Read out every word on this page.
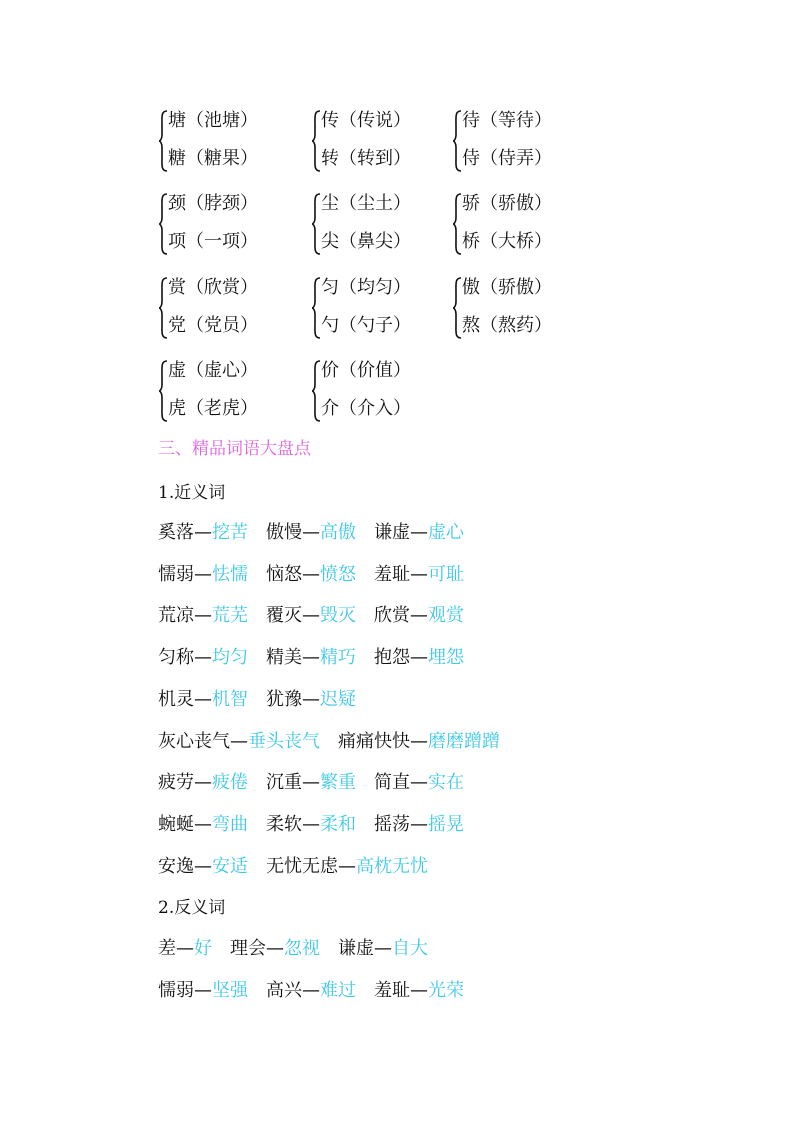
塘（池塘）
糖（糖果）
传（传说）
转（转到）
待（等待）
侍（侍弄）
颈（脖颈）
项（一项）
尘（尘土）
尖（鼻尖）
骄（骄傲）
桥（大桥）
赏（欣赏）
党（党员）
匀（均匀）
勺（勺子）
傲（骄傲）
熬（熬药）
虚（虚心）
虎（老虎）
价（价值）
介（介入）
三、精品词语大盘点
1.近义词
奚落—挖苦 傲慢—高傲 谦虚—虚心
懦弱—怯懦 恼怒—愤怒 羞耻—可耻
荒凉—荒芜 覆灭—毁灭 欣赏—观赏
匀称—均匀 精美—精巧 抱怨—埋怨
机灵—机智 犹豫—迟疑
灰心丧气—垂头丧气 痛痛快快—磨磨蹭蹭
疲劳—疲倦 沉重—繁重 简直—实在
蜿蜒—弯曲 柔软—柔和 摇荡—摇晃
安逸—安适 无忧无虑—高枕无忧
2.反义词
差—好 理会—忽视 谦虚—自大
懦弱—坚强 高兴—难过 羞耻—光荣
